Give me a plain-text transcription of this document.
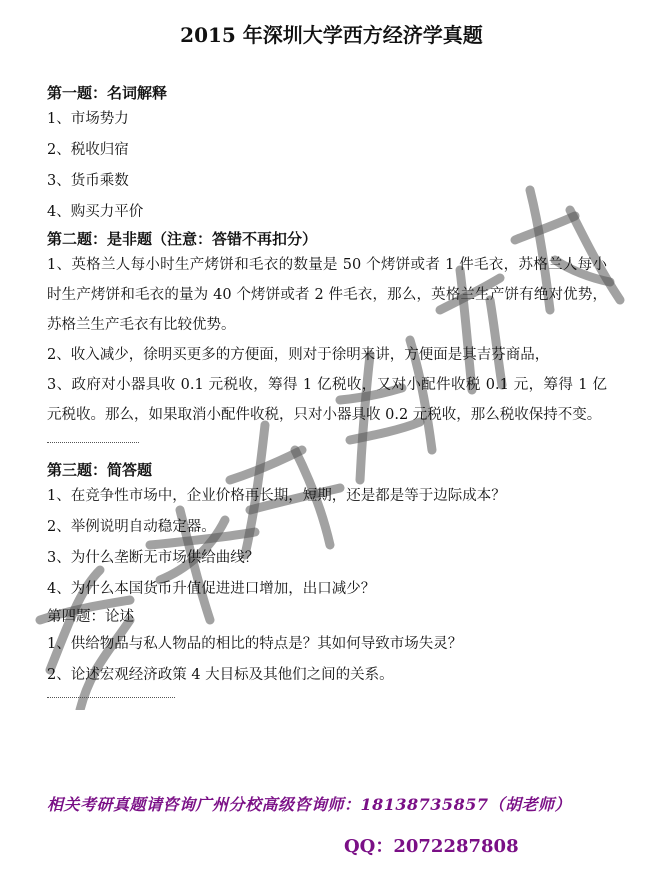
2015 年深圳大学西方经济学真题

第一题：名词解释

1、市场势力

2、税收归宿

3、货币乘数

4、购买力平价

第二题：是非题（注意：答错不再扣分）

1、英格兰人每小时生产烤饼和毛衣的数量是 50 个烤饼或者 1 件毛衣，苏格兰人每小时生产烤饼和毛衣的量为 40 个烤饼或者 2 件毛衣，那么，英格兰生产饼有绝对优势，苏格兰生产毛衣有比较优势。

2、收入减少，徐明买更多的方便面，则对于徐明来讲，方便面是其吉芬商品，

3、政府对小器具收 0.1 元税收，筹得 1 亿税收，又对小配件收税 0.1 元，筹得 1 亿元税收。那么，如果取消小配件收税，只对小器具收 0.2 元税收，那么税收保持不变。

第三题：简答题

1、在竞争性市场中，企业价格再长期，短期，还是都是等于边际成本？

2、举例说明自动稳定器。

3、为什么垄断无市场供给曲线？

4、为什么本国货币升值促进进口增加，出口减少？

第四题：论述

1、供给物品与私人物品的相比的特点是？其如何导致市场失灵？

2、论述宏观经济政策 4 大目标及其他们之间的关系。

相关考研真题请咨询广州分校高级咨询师：18138735857（胡老师）
QQ：2072287808
